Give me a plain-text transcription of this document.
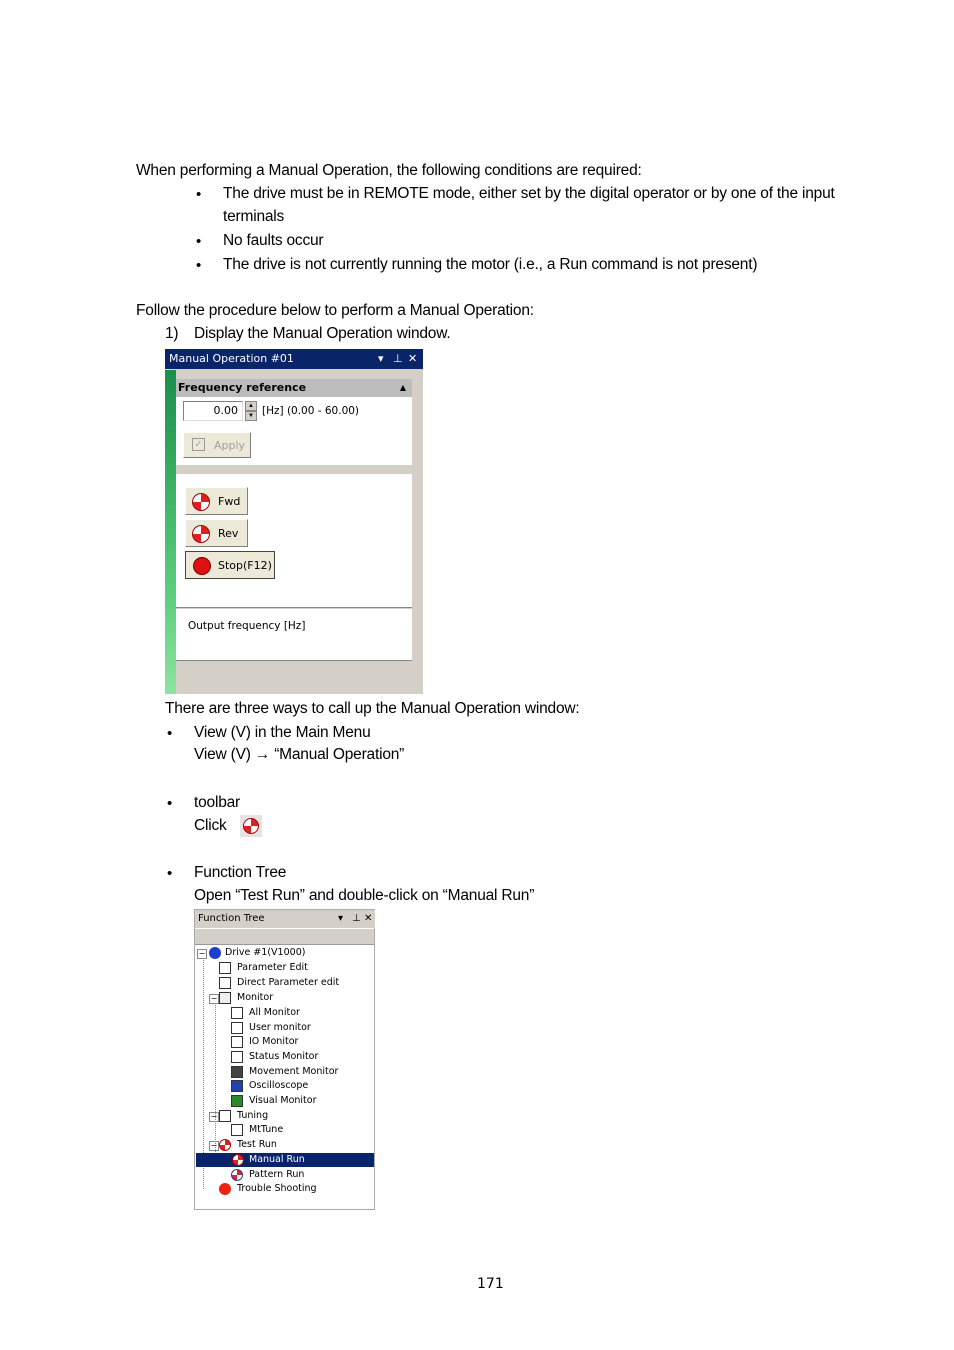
When performing a Manual Operation, the following conditions are required:
• The drive must be in REMOTE mode, either set by the digital operator or by one of the input
terminals
• No faults occur
• The drive is not currently running the motor (i.e., a Run command is not present)
Follow the procedure below to perform a Manual Operation:
1) Display the Manual Operation window.
Manual Operation #01	▾ ⊥ ✕
Frequency reference	▲
0.00	▲
▼ [Hz] (0.00 - 60.00)
✓ Apply
Fwd
Rev
Stop(F12)
Output frequency [Hz]
There are three ways to call up the Manual Operation window:
• View (V) in the Main Menu
View (V) → “Manual Operation”
• toolbar
Click
• Function Tree
Open “Test Run” and double-click on “Manual Run”
Function Tree	▾ ⊥ ✕
− Drive #1(V1000)
Parameter Edit
Direct Parameter edit
− Monitor
All Monitor
User monitor
IO Monitor
Status Monitor
Movement Monitor
Oscilloscope
Visual Monitor
− Tuning
MtTune
− Test Run
Manual Run
Pattern Run
Trouble Shooting
171
